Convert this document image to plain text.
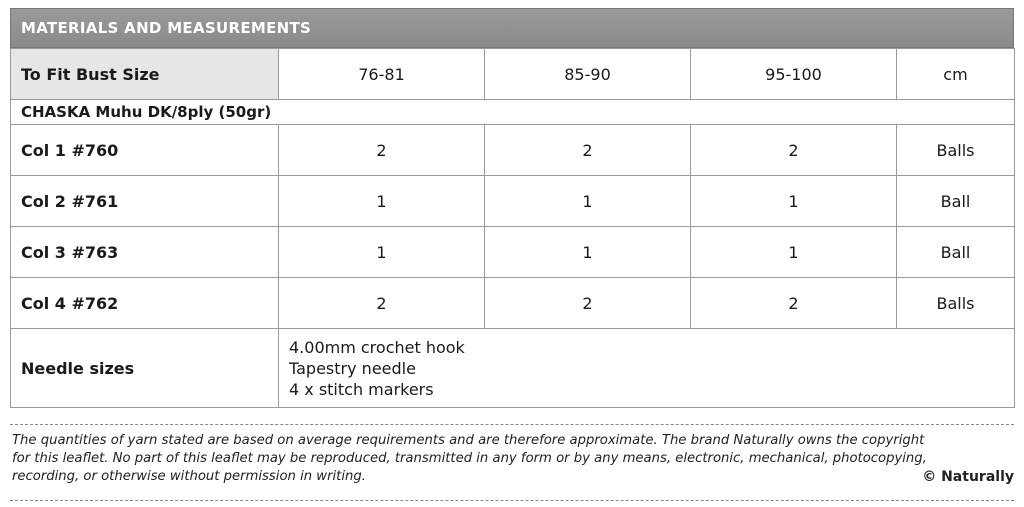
MATERIALS AND MEASUREMENTS
To Fit Bust Size	76-81	85-90	95-100	cm
CHASKA Muhu DK/8ply (50gr)				
Col 1 #760	2	2	2	Balls
Col 2 #761	1	1	1	Ball
Col 3 #763	1	1	1	Ball
Col 4 #762	2	2	2	Balls
Needle sizes	4.00mm crochet hook
Tapestry needle
4 x stitch markers			
The quantities of yarn stated are based on average requirements and are therefore approximate. The brand Naturally owns the copyright
for this leaflet. No part of this leaflet may be reproduced, transmitted in any form or by any means, electronic, mechanical, photocopying,
recording, or otherwise without permission in writing.	© Naturally
